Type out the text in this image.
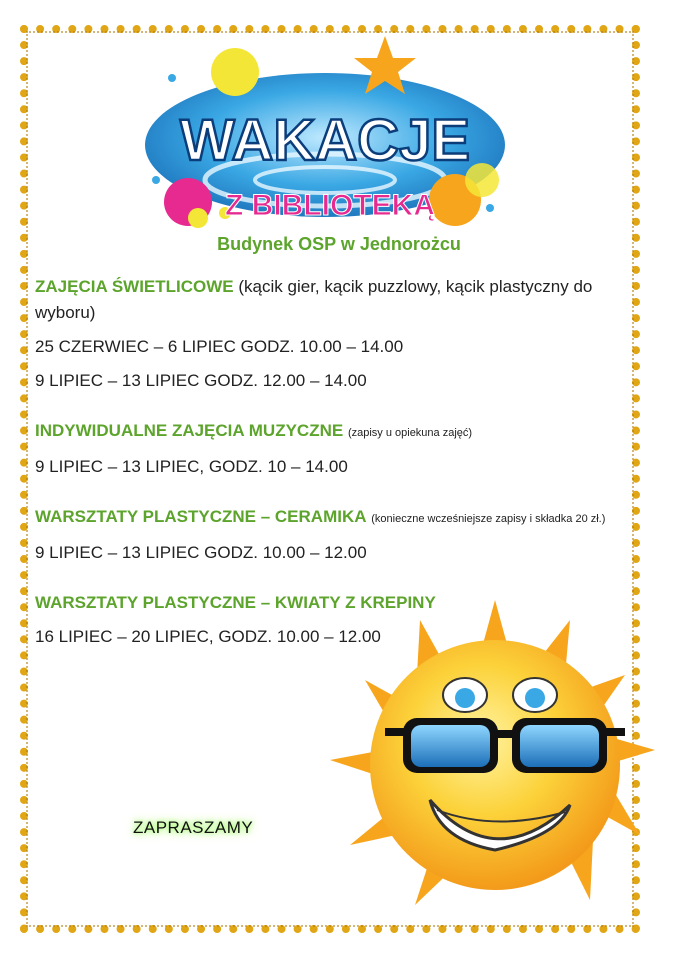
WAKACJE
Z BIBLIOTEKĄ
Budynek OSP w Jednorożcu

ZAJĘCIA ŚWIETLICOWE (kącik gier, kącik puzzlowy, kącik plastyczny do wyboru)

25 CZERWIEC – 6 LIPIEC GODZ. 10.00 – 14.00

9 LIPIEC – 13 LIPIEC GODZ. 12.00 – 14.00

INDYWIDUALNE ZAJĘCIA MUZYCZNE (zapisy u opiekuna zajęć)

9 LIPIEC – 13 LIPIEC, GODZ. 10 – 14.00

WARSZTATY PLASTYCZNE – CERAMIKA (konieczne wcześniejsze zapisy i składka 20 zł.)

9 LIPIEC – 13 LIPIEC GODZ. 10.00 – 12.00

WARSZTATY PLASTYCZNE – KWIATY Z KREPINY

16 LIPIEC – 20 LIPIEC, GODZ. 10.00 – 12.00

ZAPRASZAMY
